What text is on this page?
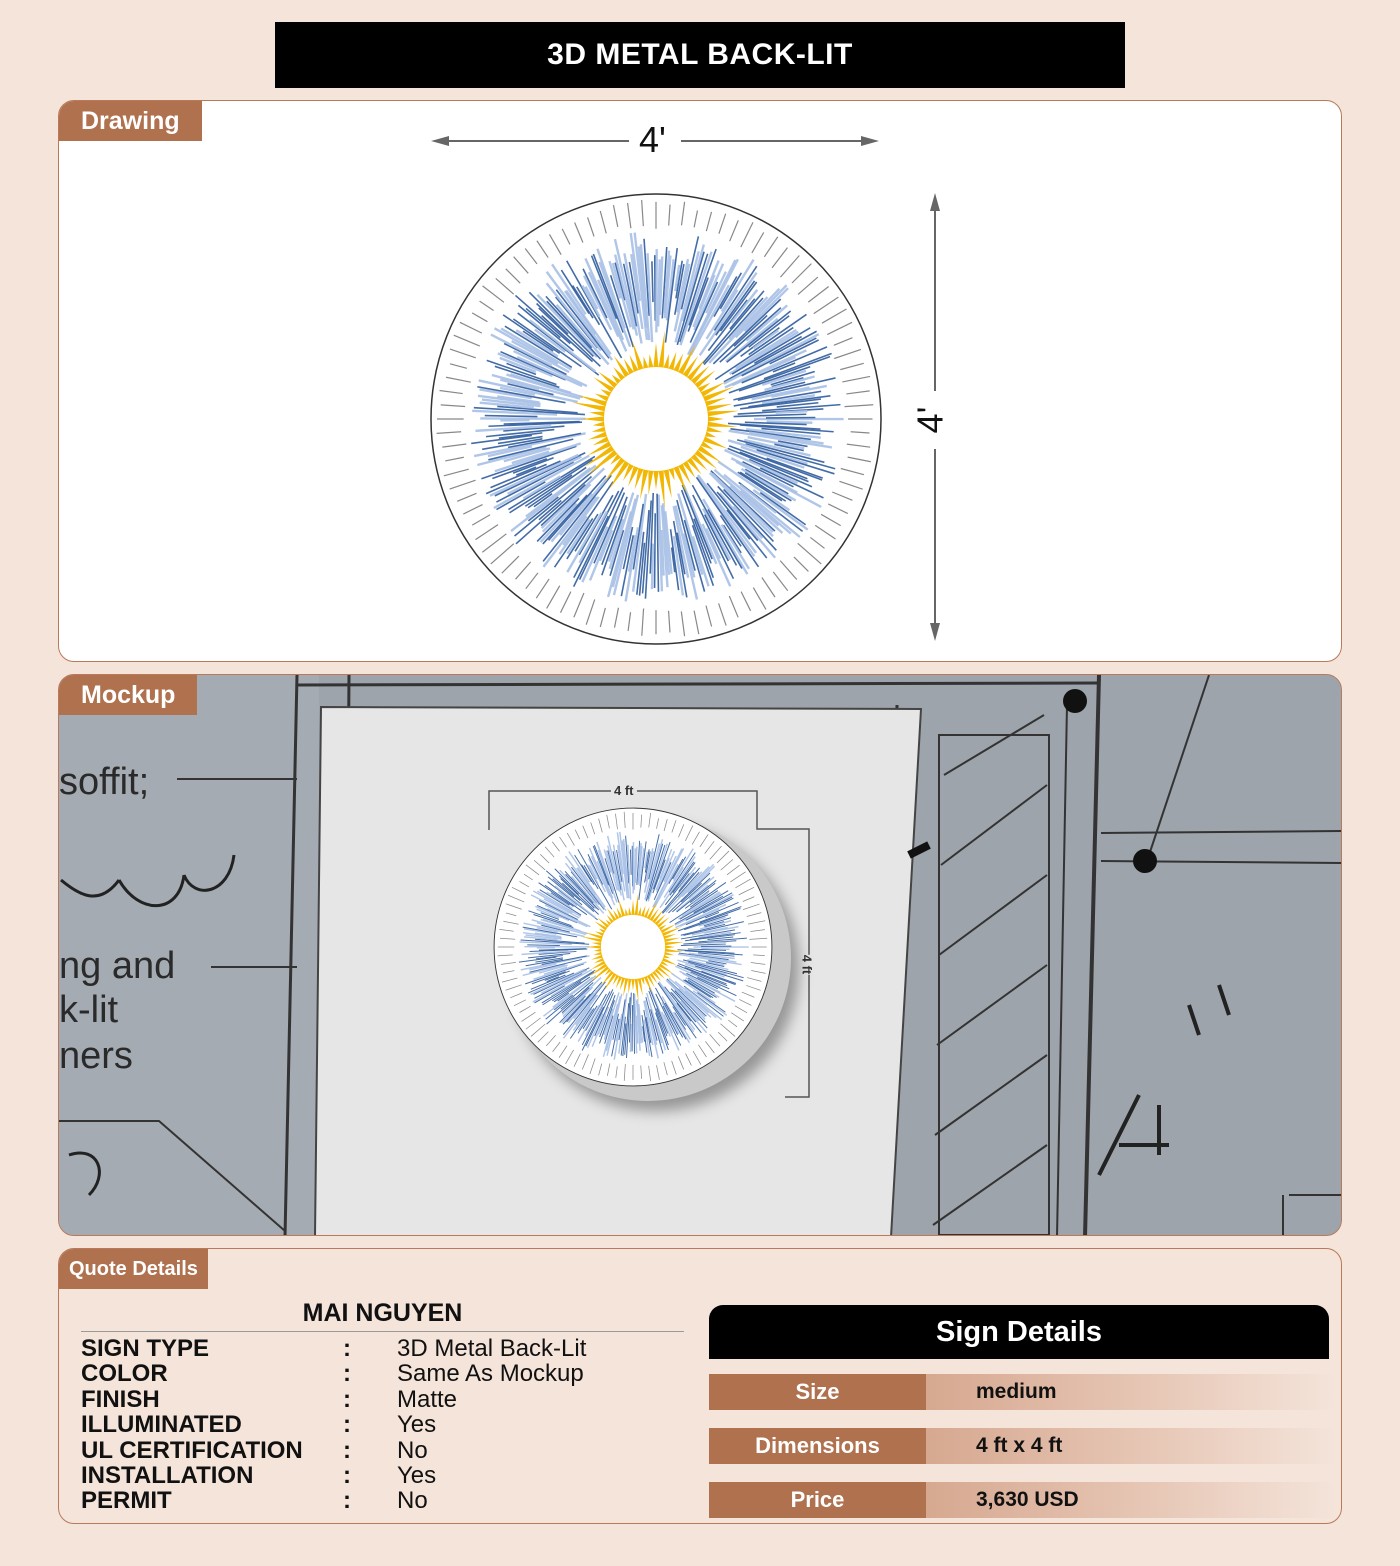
3D METAL BACK-LIT
Drawing	4'
4'
Mockup
soffit;
ng and
k-lit
ners
4 ft
4 ft
Quote Details
MAI NGUYEN
SIGN TYPE	: 3D Metal Back-Lit
COLOR	: Same As Mockup
FINISH	: Matte
ILLUMINATED	: Yes
UL CERTIFICATION : No
INSTALLATION	: Yes
PERMIT	: No
Sign Details
Size	medium
Dimensions	4 ft x 4 ft
Price	3,630 USD
